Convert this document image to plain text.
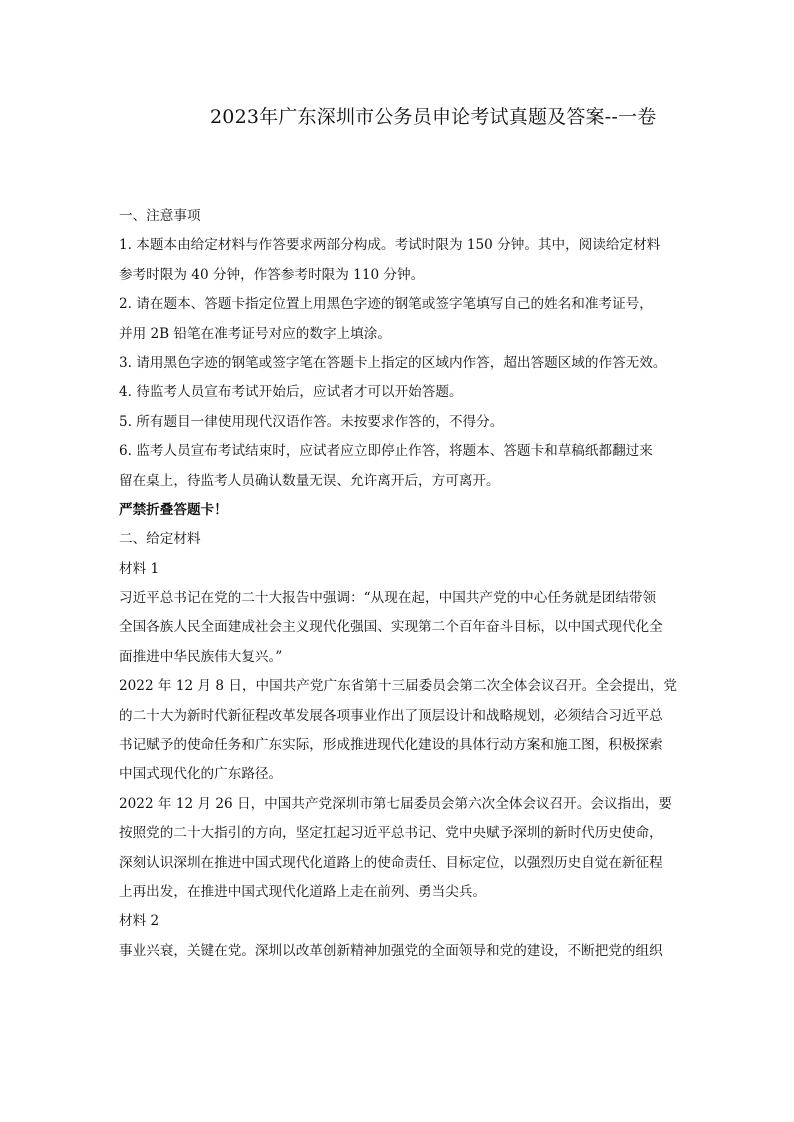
2023年广东深圳市公务员申论考试真题及答案--一卷
一、注意事项
1. 本题本由给定材料与作答要求两部分构成。考试时限为 150 分钟。其中，阅读给定材料
参考时限为 40 分钟，作答参考时限为 110 分钟。
2. 请在题本、答题卡指定位置上用黑色字迹的钢笔或签字笔填写自己的姓名和准考证号，
并用 2B 铅笔在准考证号对应的数字上填涂。
3. 请用黑色字迹的钢笔或签字笔在答题卡上指定的区域内作答，超出答题区域的作答无效。
4. 待监考人员宣布考试开始后，应试者才可以开始答题。
5. 所有题目一律使用现代汉语作答。未按要求作答的，不得分。
6. 监考人员宣布考试结束时，应试者应立即停止作答，将题本、答题卡和草稿纸都翻过来
留在桌上，待监考人员确认数量无误、允许离开后，方可离开。
严禁折叠答题卡！
二、给定材料
材料 1
习近平总书记在党的二十大报告中强调：“从现在起，中国共产党的中心任务就是团结带领
全国各族人民全面建成社会主义现代化强国、实现第二个百年奋斗目标，以中国式现代化全
面推进中华民族伟大复兴。”
2022 年 12 月 8 日，中国共产党广东省第十三届委员会第二次全体会议召开。全会提出，党
的二十大为新时代新征程改革发展各项事业作出了顶层设计和战略规划，必须结合习近平总
书记赋予的使命任务和广东实际，形成推进现代化建设的具体行动方案和施工图，积极探索
中国式现代化的广东路径。
2022 年 12 月 26 日，中国共产党深圳市第七届委员会第六次全体会议召开。会议指出，要
按照党的二十大指引的方向，坚定扛起习近平总书记、党中央赋予深圳的新时代历史使命，
深刻认识深圳在推进中国式现代化道路上的使命责任、目标定位，以强烈历史自觉在新征程
上再出发，在推进中国式现代化道路上走在前列、勇当尖兵。
材料 2
事业兴衰，关键在党。深圳以改革创新精神加强党的全面领导和党的建设，不断把党的组织
